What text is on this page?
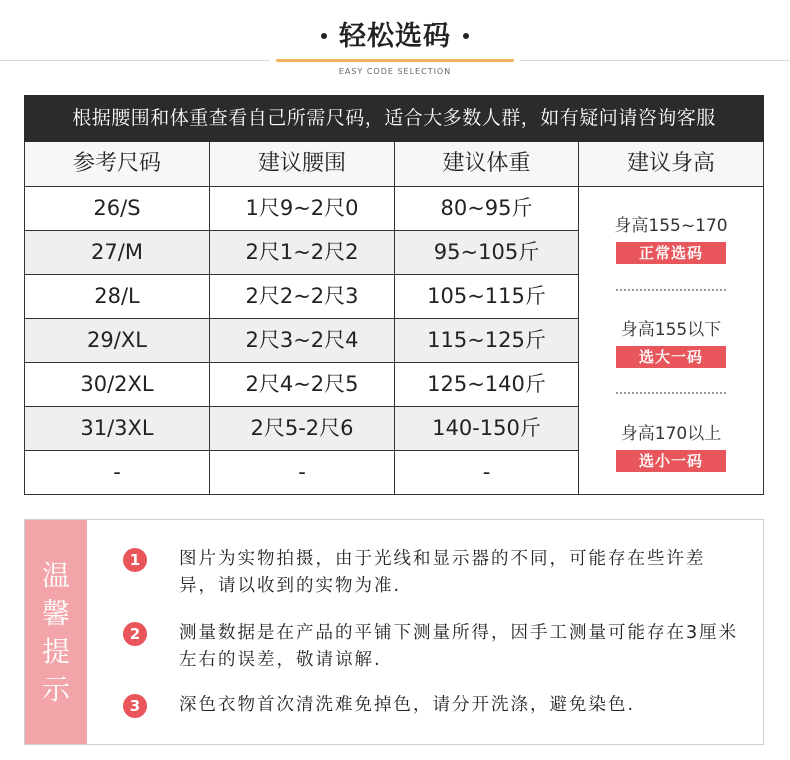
轻松选码
EASY CODE SELECTION
根据腰围和体重查看自己所需尺码，适合大多数人群，如有疑问请咨询客服
参考尺码	建议腰围	建议体重	建议身高
26/S	1尺9~2尺0	80~95斤
27/M	2尺1~2尺2	95~105斤
28/L	2尺2~2尺3	105~115斤
29/XL	2尺3~2尺4	115~125斤
30/2XL	2尺4~2尺5	125~140斤
31/3XL	2尺5-2尺6	140-150斤
-	-	-
身高155~170
正常选码
身高155以下
选大一码
身高170以上
选小一码
温
馨
提
示
1	图片为实物拍摄，由于光线和显示器的不同，可能存在些许差异，请以收到的实物为准.
2	测量数据是在产品的平铺下测量所得，因手工测量可能存在3厘米左右的误差，敬请谅解.
3	深色衣物首次清洗难免掉色，请分开洗涤，避免染色.
